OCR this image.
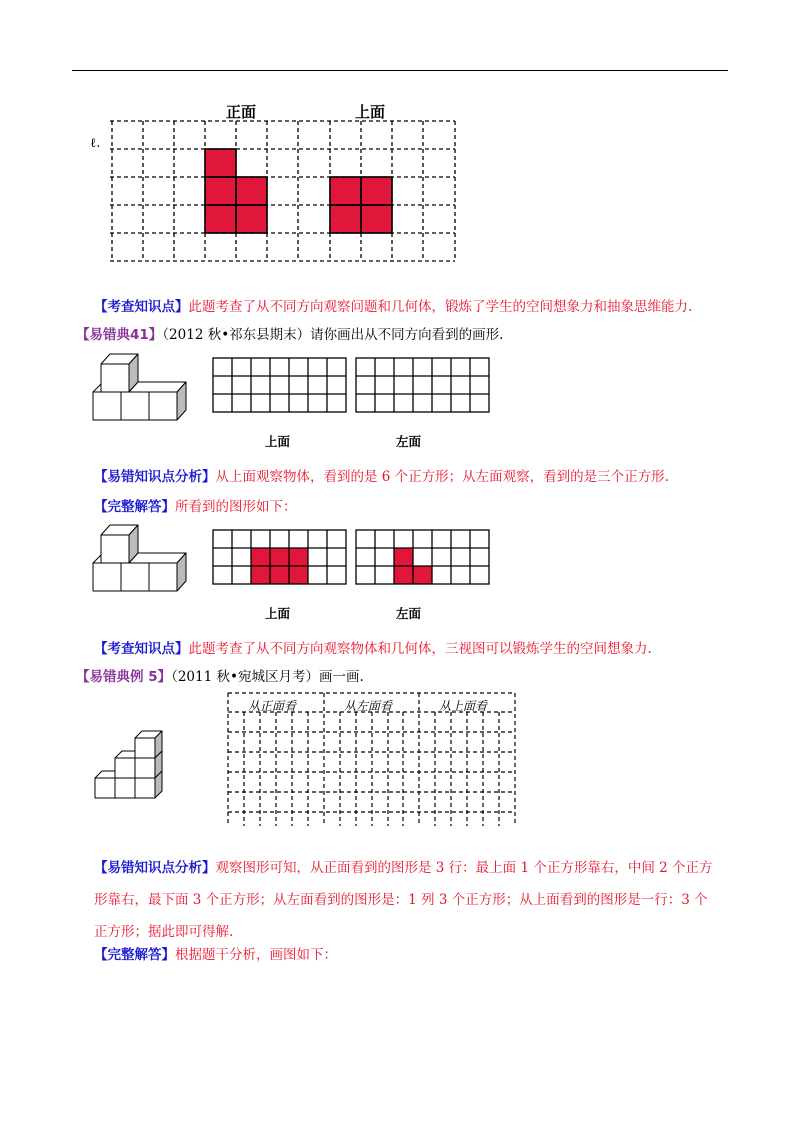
正面	上面
ℓ.
【考查知识点】此题考查了从不同方向观察问题和几何体，锻炼了学生的空间想象力和抽象思维能力.
【易错典41】（2012 秋•祁东县期末）请你画出从不同方向看到的画形.
上面	左面
【易错知识点分析】从上面观察物体，看到的是 6 个正方形；从左面观察，看到的是三个正方形.
【完整解答】所看到的图形如下：
上面	左面
【考查知识点】此题考查了从不同方向观察物体和几何体，三视图可以锻炼学生的空间想象力.
【易错典例 5】（2011 秋•宛城区月考）画一画.
从正面看	从左面看	从上面看
【易错知识点分析】观察图形可知，从正面看到的图形是 3 行：最上面 1 个正方形靠右，中间 2 个正方
形靠右，最下面 3 个正方形；从左面看到的图形是：1 列 3 个正方形；从上面看到的图形是一行：3 个
正方形；据此即可得解.
【完整解答】根据题干分析，画图如下：
